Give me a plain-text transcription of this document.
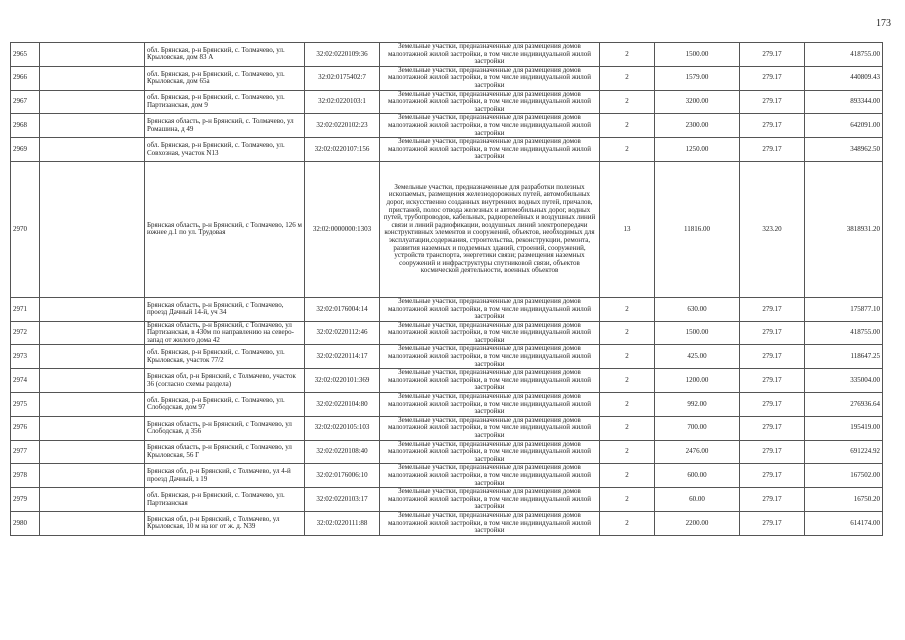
173
2965		обл. Брянская, р-н Брянский, с. Толмачево, ул. Крыловская, дом 83 А	32:02:0220109:36	Земельные участки, предназначенные для размещения домов малоэтажной жилой застройки, в том числе индивидуальной жилой застройки	2	1500.00	279.17	418755.00
2966		обл. Брянская, р-н Брянский, с. Толмачево, ул. Крыловская, дом 65а	32:02:0175402:7	Земельные участки, предназначенные для размещения домов малоэтажной жилой застройки, в том числе индивидуальной жилой застройки	2	1579.00	279.17	440809.43
2967		обл. Брянская, р-н Брянский, с. Толмачево, ул. Партизанская, дом 9	32:02:0220103:1	Земельные участки, предназначенные для размещения домов малоэтажной жилой застройки, в том числе индивидуальной жилой застройки	2	3200.00	279.17	893344.00
2968		Брянская область, р-н Брянский, с. Толмачево, ул Ромашина, д 49	32:02:0220102:23	Земельные участки, предназначенные для размещения домов малоэтажной жилой застройки, в том числе индивидуальной жилой застройки	2	2300.00	279.17	642091.00
2969		обл. Брянская, р-н Брянский, с. Толмачево, ул. Совхозная, участок N13	32:02:0220107:156	Земельные участки, предназначенные для размещения домов малоэтажной жилой застройки, в том числе индивидуальной жилой застройки	2	1250.00	279.17	348962.50
2970		Брянская область, р-н Брянский, с Толмачево, 126 м южнее д.1 по ул. Трудовая	32:02:0000000:1303	Земельные участки, предназначенные для разработки полезных ископаемых, размещения железнодорожных путей, автомобильных дорог, искусственно созданных внутренних водных путей, причалов, пристаней, полос отвода железных и автомобильных дорог, водных путей, трубопроводов, кабельных, радиорелейных и воздушных линий связи и линий радиофикации, воздушных линий электропередачи конструктивных элементов и сооружений, объектов, необходимых для эксплуатации,содержания, строительства, реконструкции, ремонта, развития наземных и подземных зданий, строений, сооружений, устройств транспорта, энергетики связи; размещения наземных сооружений и инфраструктуры спутниковой связи, объектов космической деятельности, военных объектов	13	11816.00	323.20	3818931.20
2971		Брянская область, р-н Брянский, с Толмачево, проезд Дачный 14-й, уч 34	32:02:0176004:14	Земельные участки, предназначенные для размещения домов малоэтажной жилой застройки, в том числе индивидуальной жилой застройки	2	630.00	279.17	175877.10
2972		Брянская область, р-н Брянский, с Толмачево, ул Партизанская, в 430м по направлению на северо-запад от жилого дома 42	32:02:0220112:46	Земельные участки, предназначенные для размещения домов малоэтажной жилой застройки, в том числе индивидуальной жилой застройки	2	1500.00	279.17	418755.00
2973		обл. Брянская, р-н Брянский, с. Толмачево, ул. Крыловская, участок 77/2	32:02:0220114:17	Земельные участки, предназначенные для размещения домов малоэтажной жилой застройки, в том числе индивидуальной жилой застройки	2	425.00	279.17	118647.25
2974		Брянская обл, р-н Брянский, с Толмачево, участок 36 (согласно схемы раздела)	32:02:0220101:369	Земельные участки, предназначенные для размещения домов малоэтажной жилой застройки, в том числе индивидуальной жилой застройки	2	1200.00	279.17	335004.00
2975		обл. Брянская, р-н Брянский, с. Толмачево, ул. Слободская, дом 97	32:02:0220104:80	Земельные участки, предназначенные для размещения домов малоэтажной жилой застройки, в том числе индивидуальной жилой застройки	2	992.00	279.17	276936.64
2976		Брянская область, р-н Брянский, с Толмачево, ул Слободская, д 356	32:02:0220105:103	Земельные участки, предназначенные для размещения домов малоэтажной жилой застройки, в том числе индивидуальной жилой застройки	2	700.00	279.17	195419.00
2977		Брянская область, р-н Брянский, с Толмачево, ул Крыловская, 56 Г	32:02:0220108:40	Земельные участки, предназначенные для размещения домов малоэтажной жилой застройки, в том числе индивидуальной жилой застройки	2	2476.00	279.17	691224.92
2978		Брянская обл, р-н Брянский, с Толмачево, ул 4-й проезд Дачный, з 19	32:02:0176006:10	Земельные участки, предназначенные для размещения домов малоэтажной жилой застройки, в том числе индивидуальной жилой застройки	2	600.00	279.17	167502.00
2979		обл. Брянская, р-н Брянский, с. Толмачево, ул. Партизанская	32:02:0220103:17	Земельные участки, предназначенные для размещения домов малоэтажной жилой застройки, в том числе индивидуальной жилой застройки	2	60.00	279.17	16750.20
2980		Брянская обл, р-н Брянский, с Толмачево, ул Крыловская, 10 м на юг от ж. д. N39	32:02:0220111:88	Земельные участки, предназначенные для размещения домов малоэтажной жилой застройки, в том числе индивидуальной жилой застройки	2	2200.00	279.17	614174.00
